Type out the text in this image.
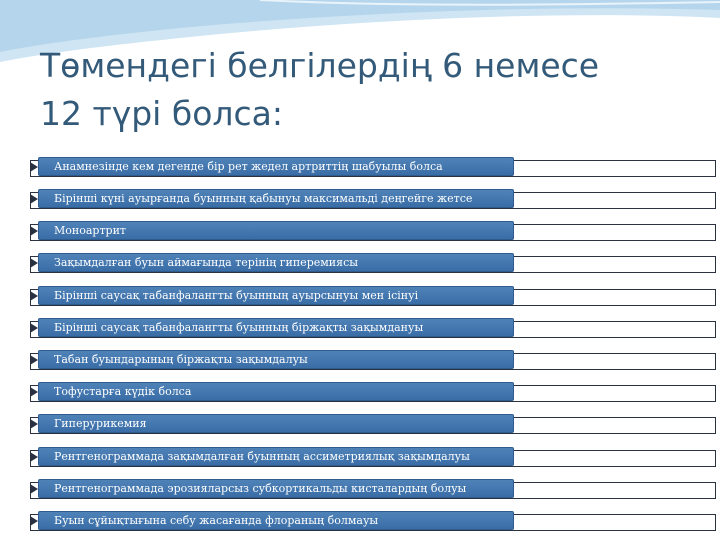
Төмендегі белгілердің 6 немесе
12 түрі болса:
Анамнезінде кем дегенде бір рет жедел артриттің шабуылы болса
Бірінші күні ауырғанда буынның қабынуы максимальді деңгейге жетсе
Моноартрит
Зақымдалған буын аймағында терінің гиперемиясы
Бірінші саусақ табанфалангты буынның ауырсынуы мен ісінуі
Бірінші саусақ табанфалангты буынның біржақты зақымдануы
Табан буындарының біржақты зақымдалуы
Тофустарға күдік болса
Гиперурикемия
Рентгенограммада зақымдалған буынның ассиметриялық зақымдалуы
Рентгенограммада эрозиялаpсыз субкортикальды кисталардың болуы
Буын сұйықтығына себу жасағанда флораның болмауы
